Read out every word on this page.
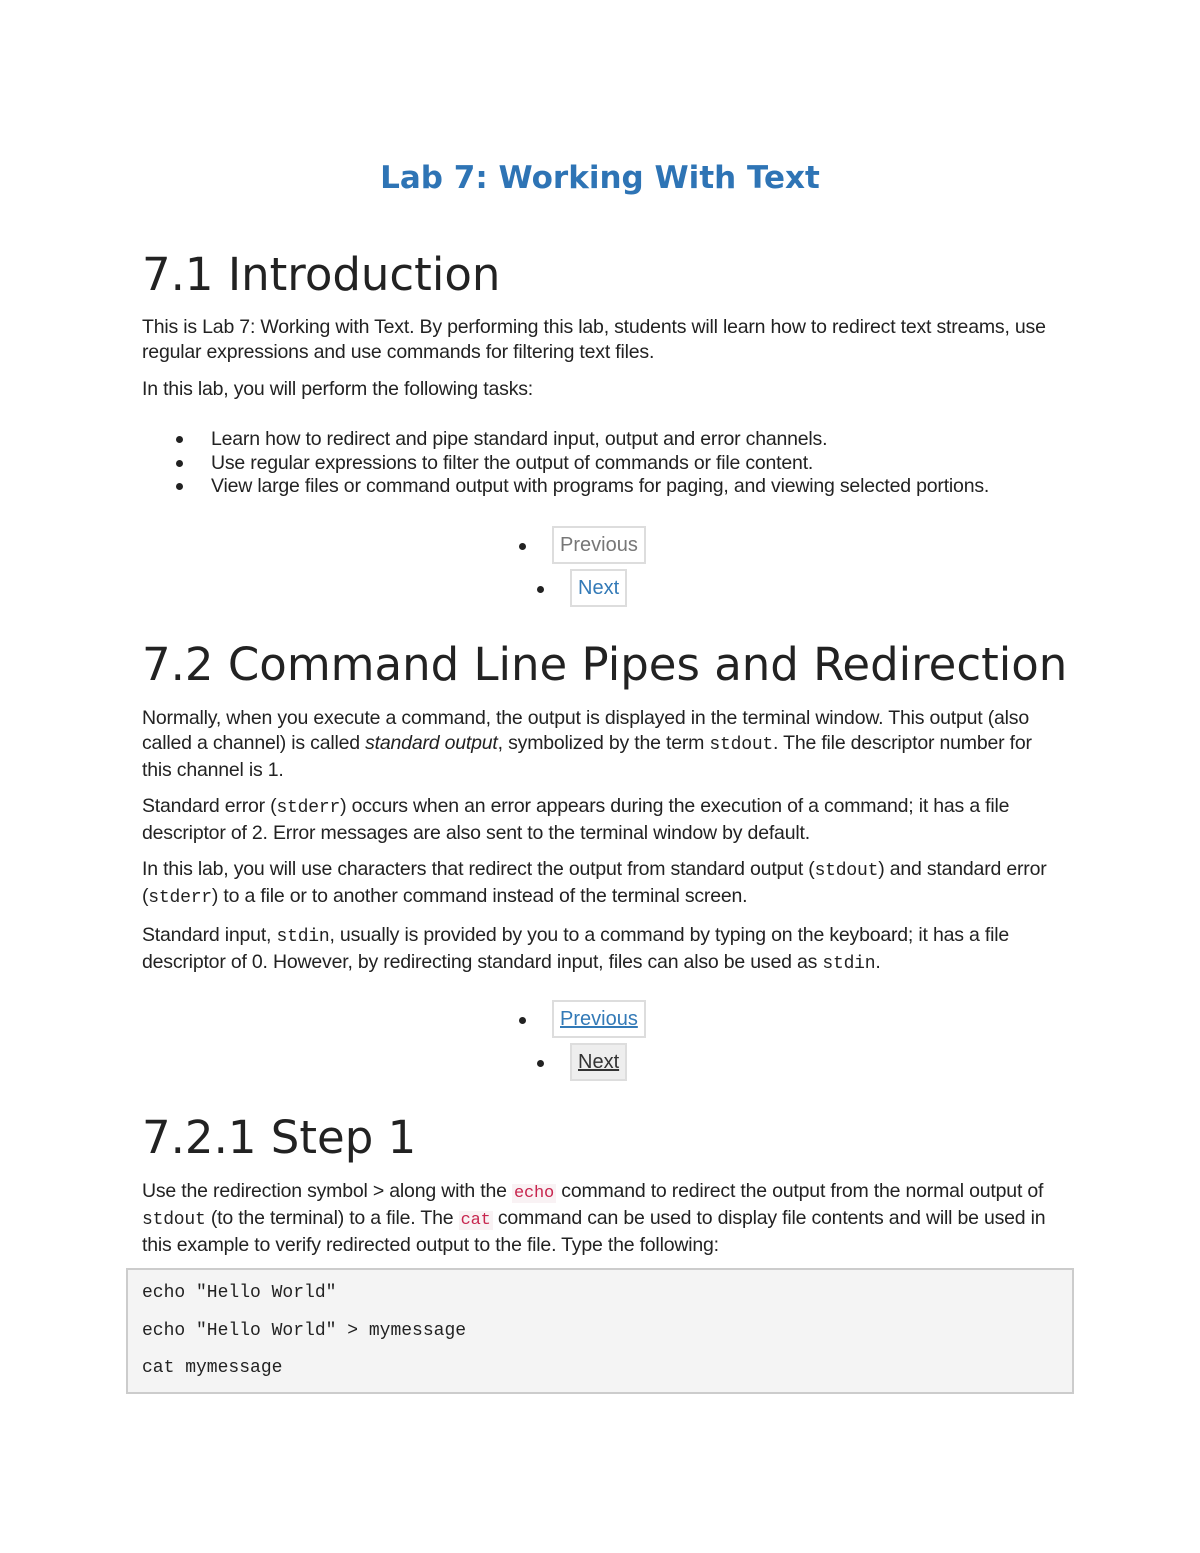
Lab 7: Working With Text
7.1 Introduction

This is Lab 7: Working with Text. By performing this lab, students will learn how to redirect text streams, use regular expressions and use commands for filtering text files.

In this lab, you will perform the following tasks:

Learn how to redirect and pipe standard input, output and error channels.
Use regular expressions to filter the output of commands or file content.
View large files or command output with programs for paging, and viewing selected portions.
Previous
Next
7.2 Command Line Pipes and Redirection

Normally, when you execute a command, the output is displayed in the terminal window. This output (also called a channel) is called standard output, symbolized by the term stdout. The file descriptor number for this channel is 1.

Standard error (stderr) occurs when an error appears during the execution of a command; it has a file descriptor of 2. Error messages are also sent to the terminal window by default.

In this lab, you will use characters that redirect the output from standard output (stdout) and standard error (stderr) to a file or to another command instead of the terminal screen.

Standard input, stdin, usually is provided by you to a command by typing on the keyboard; it has a file descriptor of 0. However, by redirecting standard input, files can also be used as stdin.

Previous
Next
7.2.1 Step 1

Use the redirection symbol > along with the echo command to redirect the output from the normal output of stdout (to the terminal) to a file. The cat command can be used to display file contents and will be used in this example to verify redirected output to the file. Type the following:

echo "Hello World"
echo "Hello World" > mymessage
cat mymessage
